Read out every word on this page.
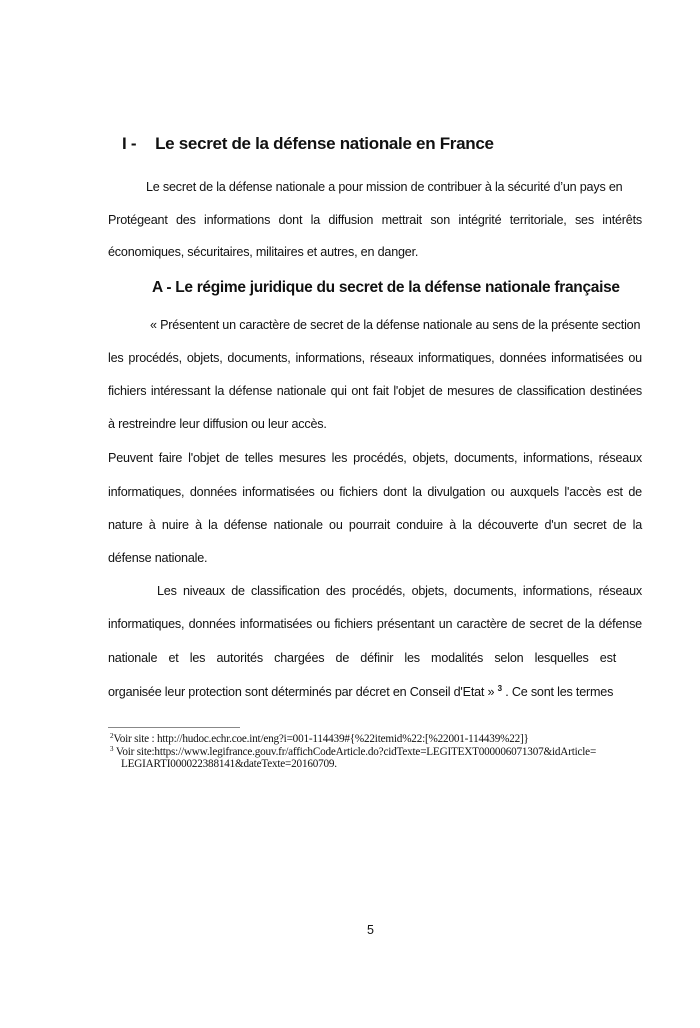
I - Le secret de la défense nationale en France
Le secret de la défense nationale a pour mission de contribuer à la sécurité d’un pays en
Protégeant des informations dont la diffusion mettrait son intégrité territoriale, ses intérêts
économiques, sécuritaires, militaires et autres, en danger.
A - Le régime juridique du secret de la défense nationale française
« Présentent un caractère de secret de la défense nationale au sens de la présente section
les procédés, objets, documents, informations, réseaux informatiques, données informatisées ou
fichiers intéressant la défense nationale qui ont fait l'objet de mesures de classification destinées
à restreindre leur diffusion ou leur accès.
Peuvent faire l'objet de telles mesures les procédés, objets, documents, informations, réseaux
informatiques, données informatisées ou fichiers dont la divulgation ou auxquels l'accès est de
nature à nuire à la défense nationale ou pourrait conduire à la découverte d'un secret de la
défense nationale.
Les niveaux de classification des procédés, objets, documents, informations, réseaux
informatiques, données informatisées ou fichiers présentant un caractère de secret de la défense
nationale et les autorités chargées de définir les modalités selon lesquelles est
organisée leur protection sont déterminés par décret en Conseil d'Etat » $^3$ . Ce sont les termes
$^2$Voir site : http://hudoc.echr.coe.int/eng?i=001-114439#{%22itemid%22:[%22001-114439%22]}
$^3$ Voir site:https://www.legifrance.gouv.fr/affichCodeArticle.do?cidTexte=LEGITEXT000006071307&idArticle=
LEGIARTI000022388141&dateTexte=20160709.
5
